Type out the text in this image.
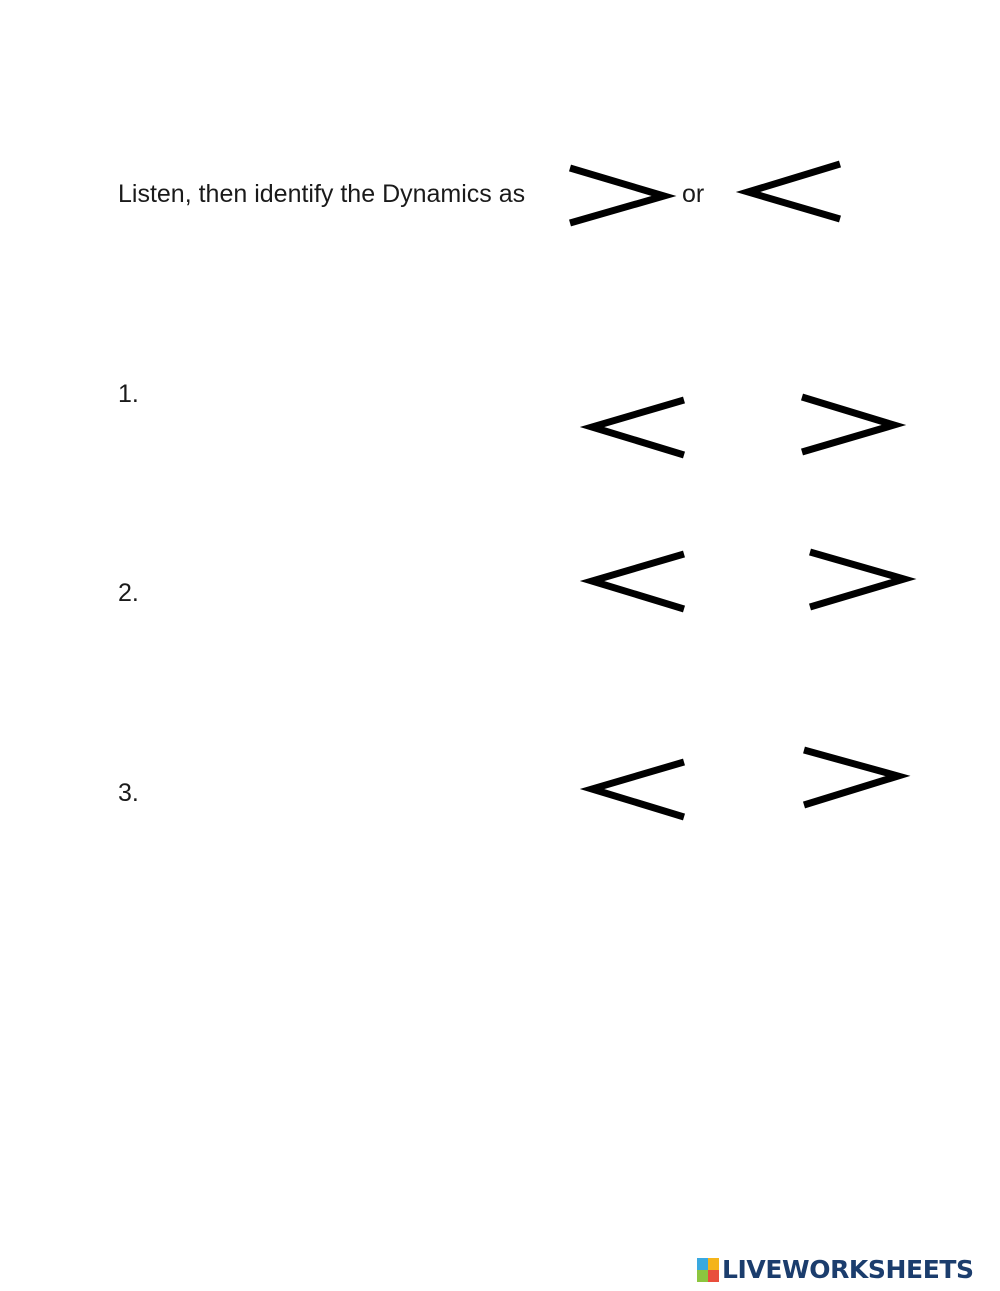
Listen, then identify the Dynamics as	or
1.
2.
3.
LIVEWORKSHEETS
